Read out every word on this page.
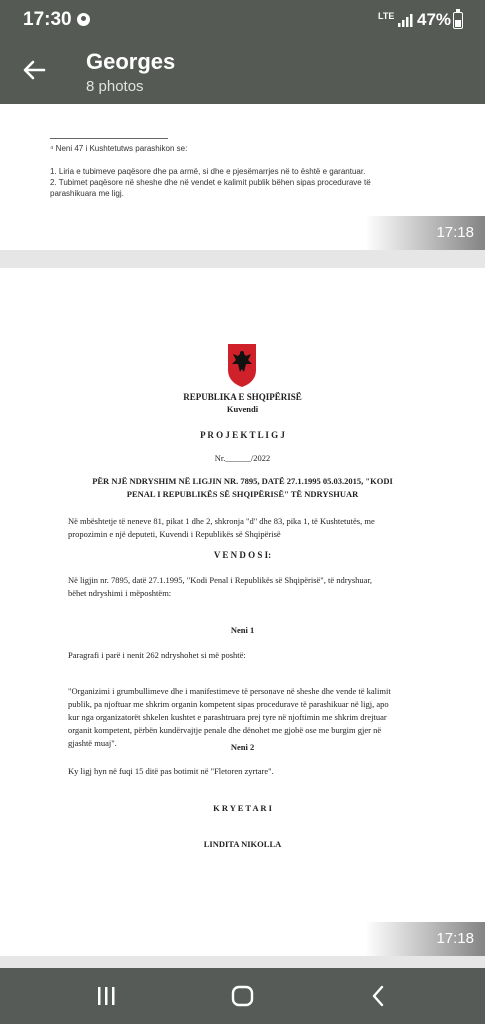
17:30	LTE 47%
Georges
8 photos
⁴ Neni 47 i Kushtetutws parashikon se:
1. Liria e tubimeve paqësore dhe pa armë, si dhe e pjesëmarrjes në to është e garantuar.
2. Tubimet paqësore në sheshe dhe në vendet e kalimit publik bëhen sipas procedurave të
parashikuara me ligj.
17:18
REPUBLIKA E SHQIPËRISË
Kuvendi
P R O J E K T L I G J
Nr.______/2022
PËR NJË NDRYSHIM NË LIGJIN NR. 7895, DATË 27.1.1995 05.03.2015, "KODI
PENAL I REPUBLIKËS SË SHQIPËRISË" TË NDRYSHUAR
Në mbështetje të neneve 81, pikat 1 dhe 2, shkronja "d" dhe 83, pika 1, të Kushtetutës, me
propozimin e një deputeti, Kuvendi i Republikës së Shqipërisë
V E N D O S I:
Në ligjin nr. 7895, datë 27.1.1995, "Kodi Penal i Republikës së Shqipërisë", të ndryshuar,
bëhet ndryshimi i mëposhtëm:
Neni 1
Paragrafi i parë i nenit 262 ndryshohet si më poshtë:
"Organizimi i grumbullimeve dhe i manifestimeve të personave në sheshe dhe vende të kalimit
publik, pa njoftuar me shkrim organin kompetent sipas procedurave të parashikuar në ligj, apo
kur nga organizatorët shkelen kushtet e parashtruara prej tyre në njoftimin me shkrim drejtuar
organit kompetent, përbën kundërvajtje penale dhe dënohet me gjobë ose me burgim gjer në
gjashtë muaj".	Neni 2
Ky ligj hyn në fuqi 15 ditë pas botimit në "Fletoren zyrtare".
K R Y E T A R I
LINDITA NIKOLLA
17:18
